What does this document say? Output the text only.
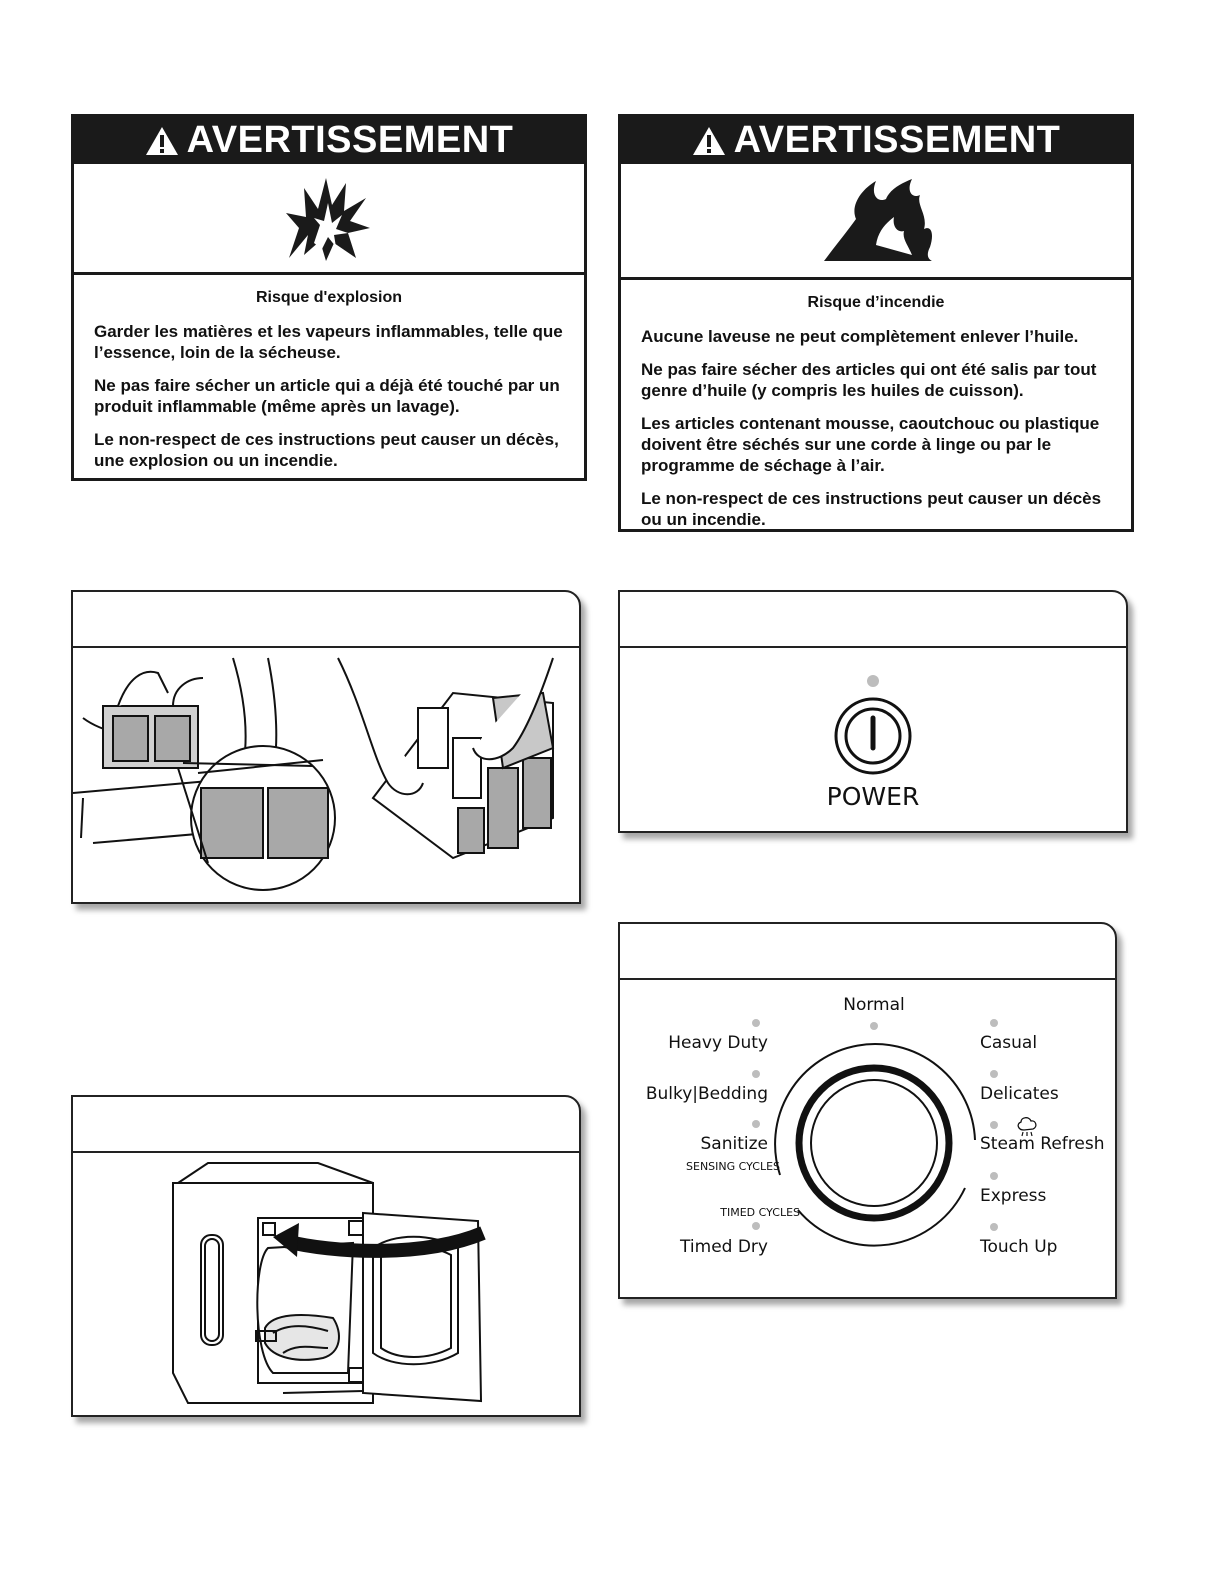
AVERTISSEMENT
Risque d'explosion

Garder les matières et les vapeurs inflammables, telle que l’essence, loin de la sécheuse.

Ne pas faire sécher un article qui a déjà été touché par un produit inflammable (même après un lavage).

Le non-respect de ces instructions peut causer un décès, une explosion ou un incendie.

AVERTISSEMENT
Risque d’incendie

Aucune laveuse ne peut complètement enlever l’huile.

Ne pas faire sécher des articles qui ont été salis par tout genre d’huile (y compris les huiles de cuisson).

Les articles contenant mousse, caoutchouc ou plastique doivent être séchés sur une corde à linge ou par le programme de séchage à l’air.

Le non-respect de ces instructions peut causer un décès ou un incendie.

POWER
Normal
Heavy Duty
Bulky|Bedding
Sanitize
SENSING CYCLES
TIMED CYCLES
Timed Dry
Casual
Delicates
Steam Refresh
Express
Touch Up
